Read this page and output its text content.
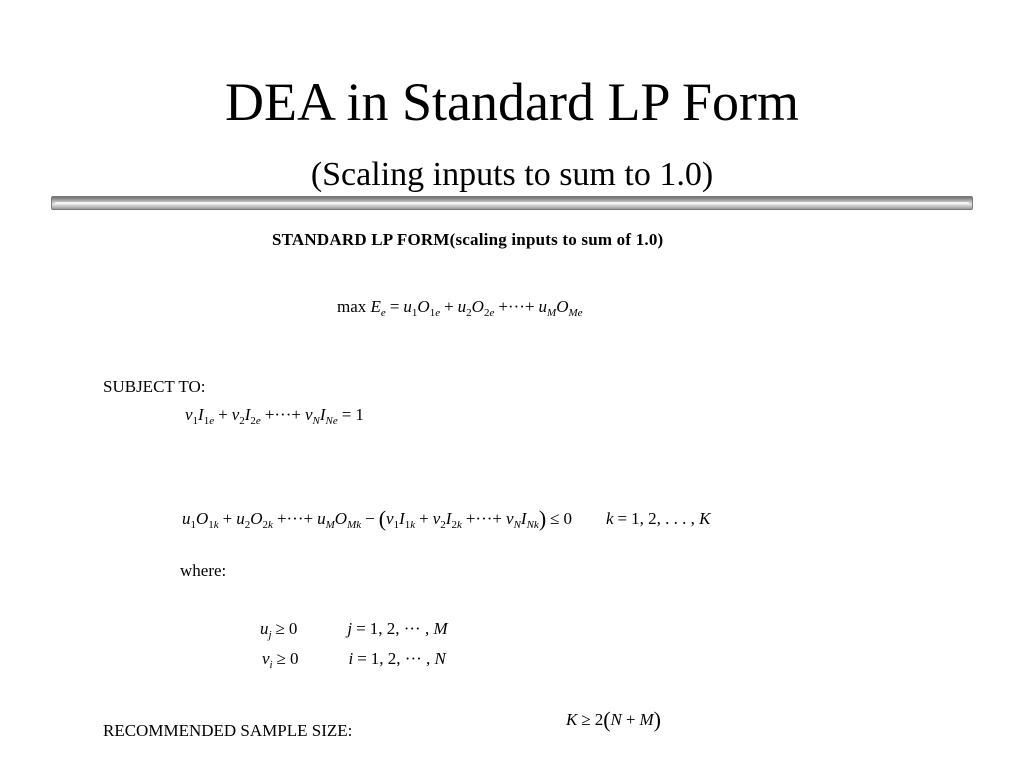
DEA in Standard LP Form
(Scaling inputs to sum to 1.0)
STANDARD LP FORM(scaling inputs to sum of 1.0)
$\max E_e = u_1O_{1e} + u_2O_{2e}$ +···+ $u_MO_{Me}$
SUBJECT TO:
$v_1I_{1e} + v_2I_{2e}$ +···+ $v_NI_{Ne} = 1$
$u_1O_{1k} + u_2O_{2k}$ +···+ $u_MO_{Mk} - (v_1I_{1k} + v_2I_{2k}$ +···+ $v_NI_{Nk}) \le 0$ k = 1, 2, . . . , K
where:
$u_j \ge 0$	j = 1, 2, ··· , M
$v_i \ge 0$	i = 1, 2, ··· , N
K ≥ 2(N + M)
RECOMMENDED SAMPLE SIZE:
